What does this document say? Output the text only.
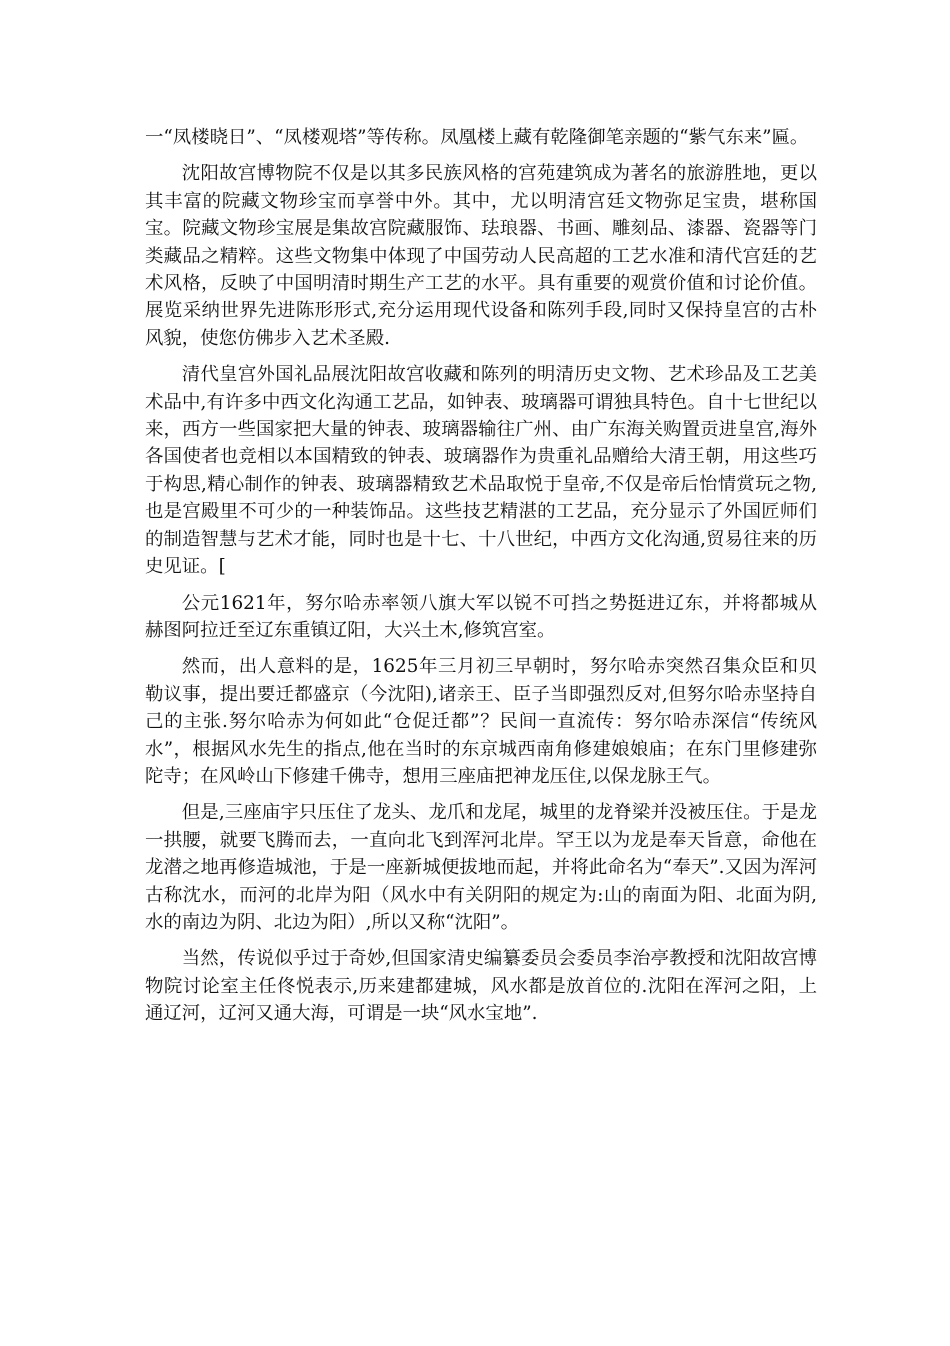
一“凤楼晓日”、“凤楼观塔”等传称。凤凰楼上藏有乾隆御笔亲题的“紫气东来”匾。

沈阳故宫博物院不仅是以其多民族风格的宫苑建筑成为著名的旅游胜地，更以其丰富的院藏文物珍宝而享誉中外。其中，尤以明清宫廷文物弥足宝贵，堪称国宝。院藏文物珍宝展是集故宫院藏服饰、珐琅器、书画、雕刻品、漆器、瓷器等门类藏品之精粹。这些文物集中体现了中国劳动人民高超的工艺水准和清代宫廷的艺术风格，反映了中国明清时期生产工艺的水平。具有重要的观赏价值和讨论价值。展览采纳世界先进陈形形式,充分运用现代设备和陈列手段,同时又保持皇宫的古朴风貌，使您仿佛步入艺术圣殿.

清代皇宫外国礼品展沈阳故宫收藏和陈列的明清历史文物、艺术珍品及工艺美术品中,有许多中西文化沟通工艺品，如钟表、玻璃器可谓独具特色。自十七世纪以来，西方一些国家把大量的钟表、玻璃器输往广州、由广东海关购置贡进皇宫,海外各国使者也竞相以本国精致的钟表、玻璃器作为贵重礼品赠给大清王朝，用这些巧于构思,精心制作的钟表、玻璃器精致艺术品取悦于皇帝,不仅是帝后怡情赏玩之物,也是宫殿里不可少的一种装饰品。这些技艺精湛的工艺品，充分显示了外国匠师们的制造智慧与艺术才能，同时也是十七、十八世纪，中西方文化沟通,贸易往来的历史见证。[

公元1621年，努尔哈赤率领八旗大军以锐不可挡之势挺进辽东，并将都城从赫图阿拉迁至辽东重镇辽阳，大兴土木,修筑宫室。

然而，出人意料的是，1625年三月初三早朝时，努尔哈赤突然召集众臣和贝勒议事，提出要迁都盛京（今沈阳),诸亲王、臣子当即强烈反对,但努尔哈赤坚持自己的主张.努尔哈赤为何如此“仓促迁都”？民间一直流传：努尔哈赤深信“传统风水”，根据风水先生的指点,他在当时的东京城西南角修建娘娘庙；在东门里修建弥陀寺；在风岭山下修建千佛寺，想用三座庙把神龙压住,以保龙脉王气。

但是,三座庙宇只压住了龙头、龙爪和龙尾，城里的龙脊梁并没被压住。于是龙一拱腰，就要飞腾而去，一直向北飞到浑河北岸。罕王以为龙是奉天旨意，命他在龙潜之地再修造城池，于是一座新城便拔地而起，并将此命名为“奉天”.又因为浑河古称沈水，而河的北岸为阳（风水中有关阴阳的规定为:山的南面为阳、北面为阴,水的南边为阴、北边为阳）,所以又称“沈阳”。

当然，传说似乎过于奇妙,但国家清史编纂委员会委员李治亭教授和沈阳故宫博物院讨论室主任佟悦表示,历来建都建城，风水都是放首位的.沈阳在浑河之阳，上通辽河，辽河又通大海，可谓是一块“风水宝地”.
